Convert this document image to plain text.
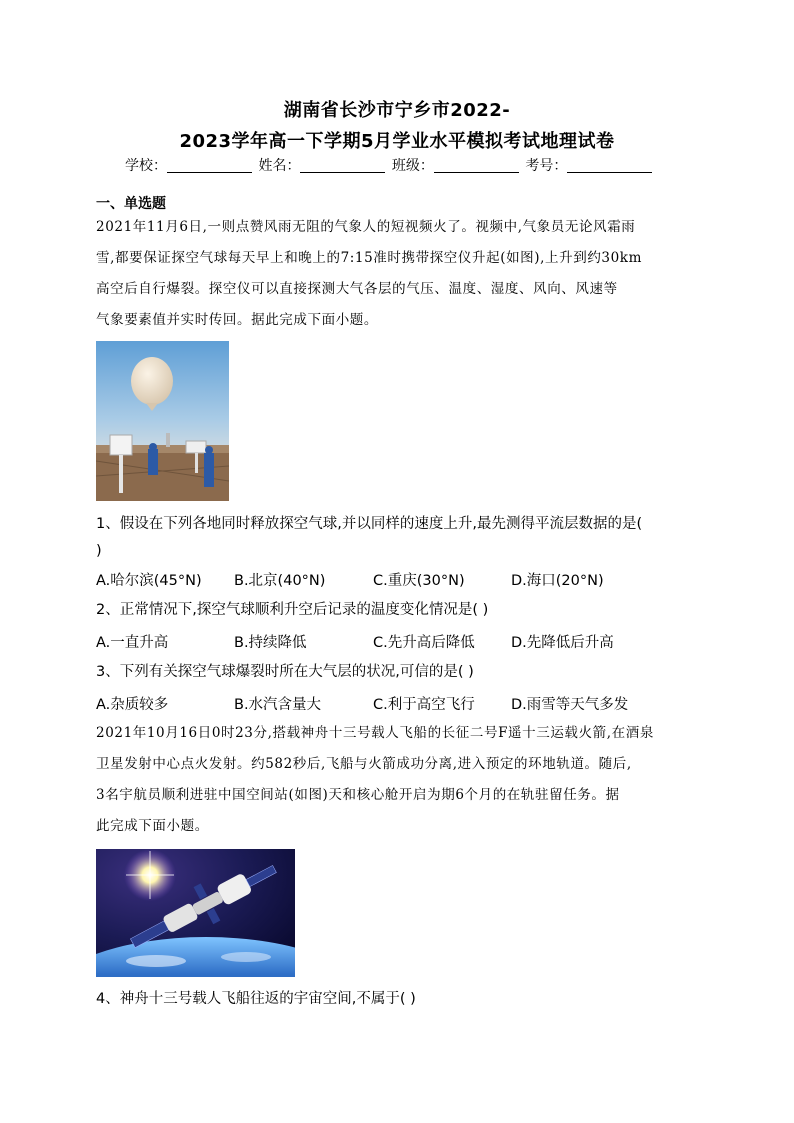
湖南省长沙市宁乡市2022-
2023学年高一下学期5月学业水平模拟考试地理试卷
学校：	姓名：	班级：	考号：
一、单选题
2021年11月6日,一则点赞风雨无阻的气象人的短视频火了。视频中,气象员无论风霜雨
雪,都要保证探空气球每天早上和晚上的7:15准时携带探空仪升起(如图),上升到约30km
高空后自行爆裂。探空仪可以直接探测大气各层的气压、温度、湿度、风向、风速等
气象要素值并实时传回。据此完成下面小题。
1、假设在下列各地同时释放探空气球,并以同样的速度上升,最先测得平流层数据的是(
)
A.哈尔滨(45°N) B.北京(40°N)	C.重庆(30°N)	D.海口(20°N)
2、正常情况下,探空气球顺利升空后记录的温度变化情况是( )
A.一直升高	B.持续降低	C.先升高后降低	D.先降低后升高
3、下列有关探空气球爆裂时所在大气层的状况,可信的是( )
A.杂质较多	B.水汽含量大	C.利于高空飞行	D.雨雪等天气多发
2021年10月16日0时23分,搭载神舟十三号载人飞船的长征二号F遥十三运载火箭,在酒泉
卫星发射中心点火发射。约582秒后,飞船与火箭成功分离,进入预定的环地轨道。随后,
3名宇航员顺利进驻中国空间站(如图)天和核心舱开启为期6个月的在轨驻留任务。据
此完成下面小题。
4、神舟十三号载人飞船往返的宇宙空间,不属于( )
